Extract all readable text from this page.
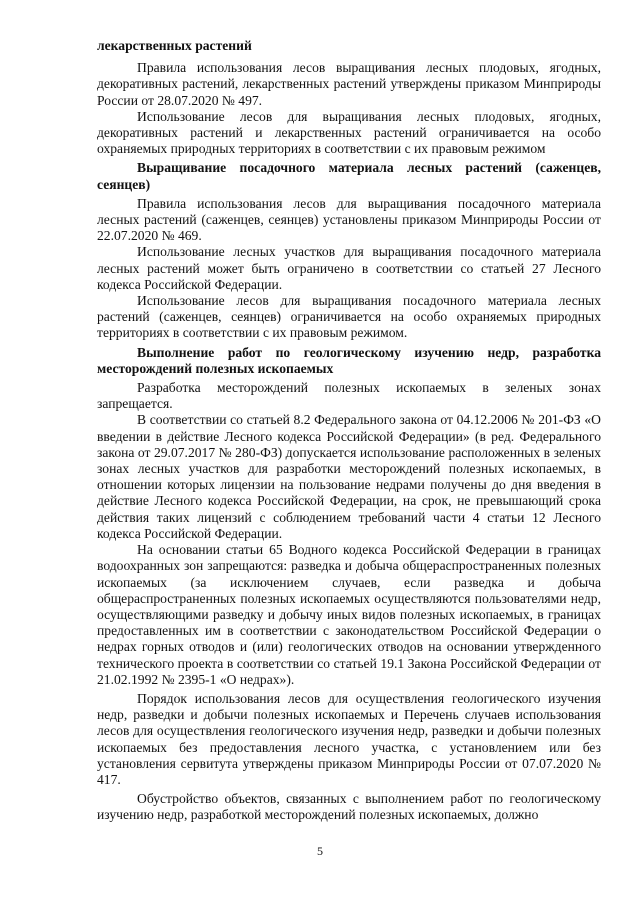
лекарственных растений

Правила использования лесов выращивания лесных плодовых, ягодных, декоративных растений, лекарственных растений утверждены приказом Минприроды России от 28.07.2020 № 497.

Использование лесов для выращивания лесных плодовых, ягодных, декоративных растений и лекарственных растений ограничивается на особо охраняемых природных территориях в соответствии с их правовым режимом

Выращивание посадочного материала лесных растений (саженцев, сеянцев)

Правила использования лесов для выращивания посадочного материала лесных растений (саженцев, сеянцев) установлены приказом Минприроды России от 22.07.2020 № 469.

Использование лесных участков для выращивания посадочного материала лесных растений может быть ограничено в соответствии со статьей 27 Лесного кодекса Российской Федерации.

Использование лесов для выращивания посадочного материала лесных растений (саженцев, сеянцев) ограничивается на особо охраняемых природных территориях в соответствии с их правовым режимом.

Выполнение работ по геологическому изучению недр, разработка месторождений полезных ископаемых

Разработка месторождений полезных ископаемых в зеленых зонах запрещается.

В соответствии со статьей 8.2 Федерального закона от 04.12.2006 № 201-ФЗ «О введении в действие Лесного кодекса Российской Федерации» (в ред. Федерального закона от 29.07.2017 № 280-ФЗ) допускается использование расположенных в зеленых зонах лесных участков для разработки месторождений полезных ископаемых, в отношении которых лицензии на пользование недрами получены до дня введения в действие Лесного кодекса Российской Федерации, на срок, не превышающий срока действия таких лицензий с соблюдением требований части 4 статьи 12 Лесного кодекса Российской Федерации.

На основании статьи 65 Водного кодекса Российской Федерации в границах водоохранных зон запрещаются: разведка и добыча общераспространенных полезных ископаемых (за исключением случаев, если разведка и добыча общераспространенных полезных ископаемых осуществляются пользователями недр, осуществляющими разведку и добычу иных видов полезных ископаемых, в границах предоставленных им в соответствии с законодательством Российской Федерации о недрах горных отводов и (или) геологических отводов на основании утвержденного технического проекта в соответствии со статьей 19.1 Закона Российской Федерации от 21.02.1992 № 2395-1 «О недрах»).

Порядок использования лесов для осуществления геологического изучения недр, разведки и добычи полезных ископаемых и Перечень случаев использования лесов для осуществления геологического изучения недр, разведки и добычи полезных ископаемых без предоставления лесного участка, с установлением или без установления сервитута утверждены приказом Минприроды России от 07.07.2020 № 417.

Обустройство объектов, связанных с выполнением работ по геологическому изучению недр, разработкой месторождений полезных ископаемых, должно

5
